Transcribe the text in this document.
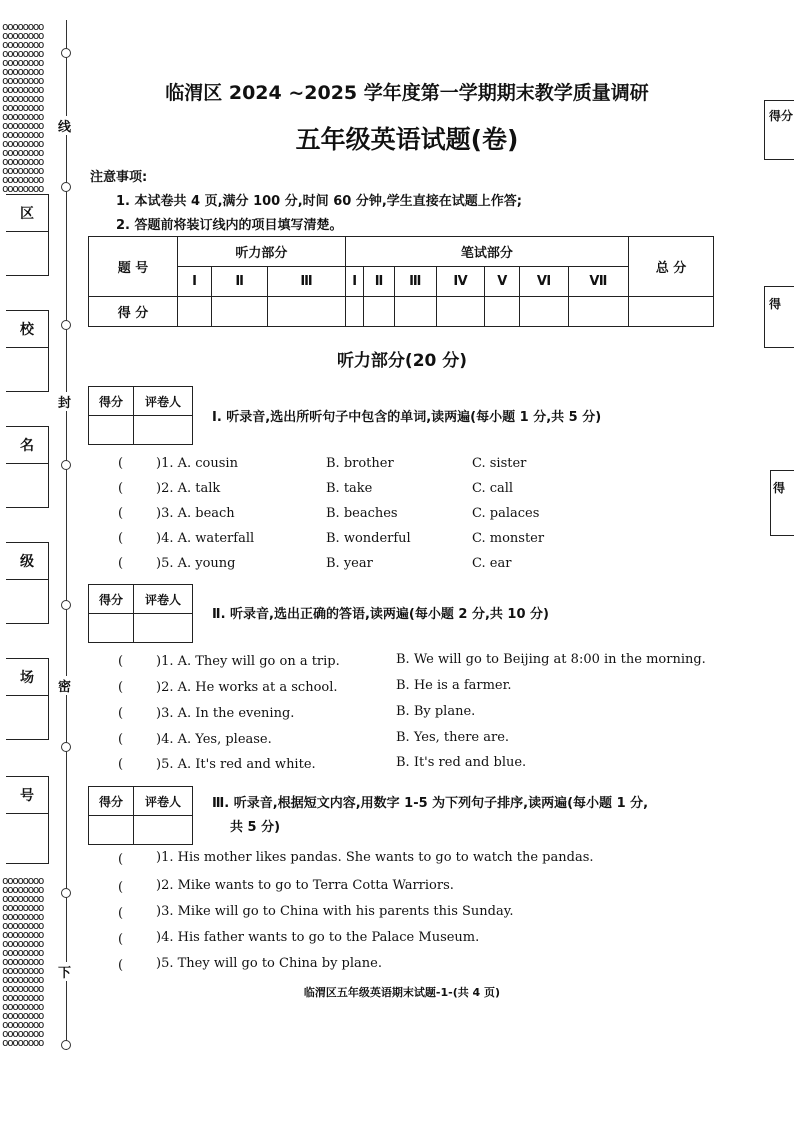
oooooooo
oooooooo
oooooooo
oooooooo
oooooooo
oooooooo
oooooooo
oooooooo
oooooooo
oooooooo
oooooooo
oooooooo
oooooooo
oooooooo
oooooooo
oooooooo
oooooooo
oooooooo
oooooooo
oooooooo
oooooooo
oooooooo
oooooooo
oooooooo
oooooooo
oooooooo
oooooooo
oooooooo
oooooooo
oooooooo
oooooooo
oooooooo
oooooooo
oooooooo
oooooooo
oooooooo
oooooooo
oooooooo
区
校
名
级
场
号
线
封
密
下
得分
得
得
临渭区 2024 ~2025 学年度第一学期期末教学质量调研
五年级英语试题(卷)
注意事项:
1. 本试卷共 4 页,满分 100 分,时间 60 分钟,学生直接在试题上作答;
2. 答题前将装订线内的项目填写清楚。
题 号	听力部分			笔试部分							总 分
	Ⅰ	Ⅱ	Ⅲ	Ⅰ	Ⅱ	Ⅲ	Ⅳ	Ⅴ	Ⅵ	Ⅶ	
得 分											
听力部分(20 分)
得分	评卷人

Ⅰ. 听录音,选出所听句子中包含的单词,读两遍(每小题 1 分,共 5 分)
(	)1. A. cousin	B. brother	C. sister
(	)2. A. talk	B. take	C. call
(	)3. A. beach	B. beaches	C. palaces
(	)4. A. waterfall	B. wonderful	C. monster
(	)5. A. young	B. year	C. ear
得分	评卷人

Ⅱ. 听录音,选出正确的答语,读两遍(每小题 2 分,共 10 分)
(	)1. A. They will go on a trip.	B. We will go to Beijing at 8:00 in the morning.
(	)2. A. He works at a school.	B. He is a farmer.
(	)3. A. In the evening.	B. By plane.
(	)4. A. Yes, please.	B. Yes, there are.
(	)5. A. It's red and white.	B. It's red and blue.
得分	评卷人
	Ⅲ. 听录音,根据短文内容,用数字 1-5 为下列句子排序,读两遍(每小题 1 分,
共 5 分)
(	)1. His mother likes pandas. She wants to go to watch the pandas.
(	)2. Mike wants to go to Terra Cotta Warriors.
(	)3. Mike will go to China with his parents this Sunday.
(	)4. His father wants to go to the Palace Museum.
(	)5. They will go to China by plane.
临渭区五年级英语期末试题-1-(共 4 页)
